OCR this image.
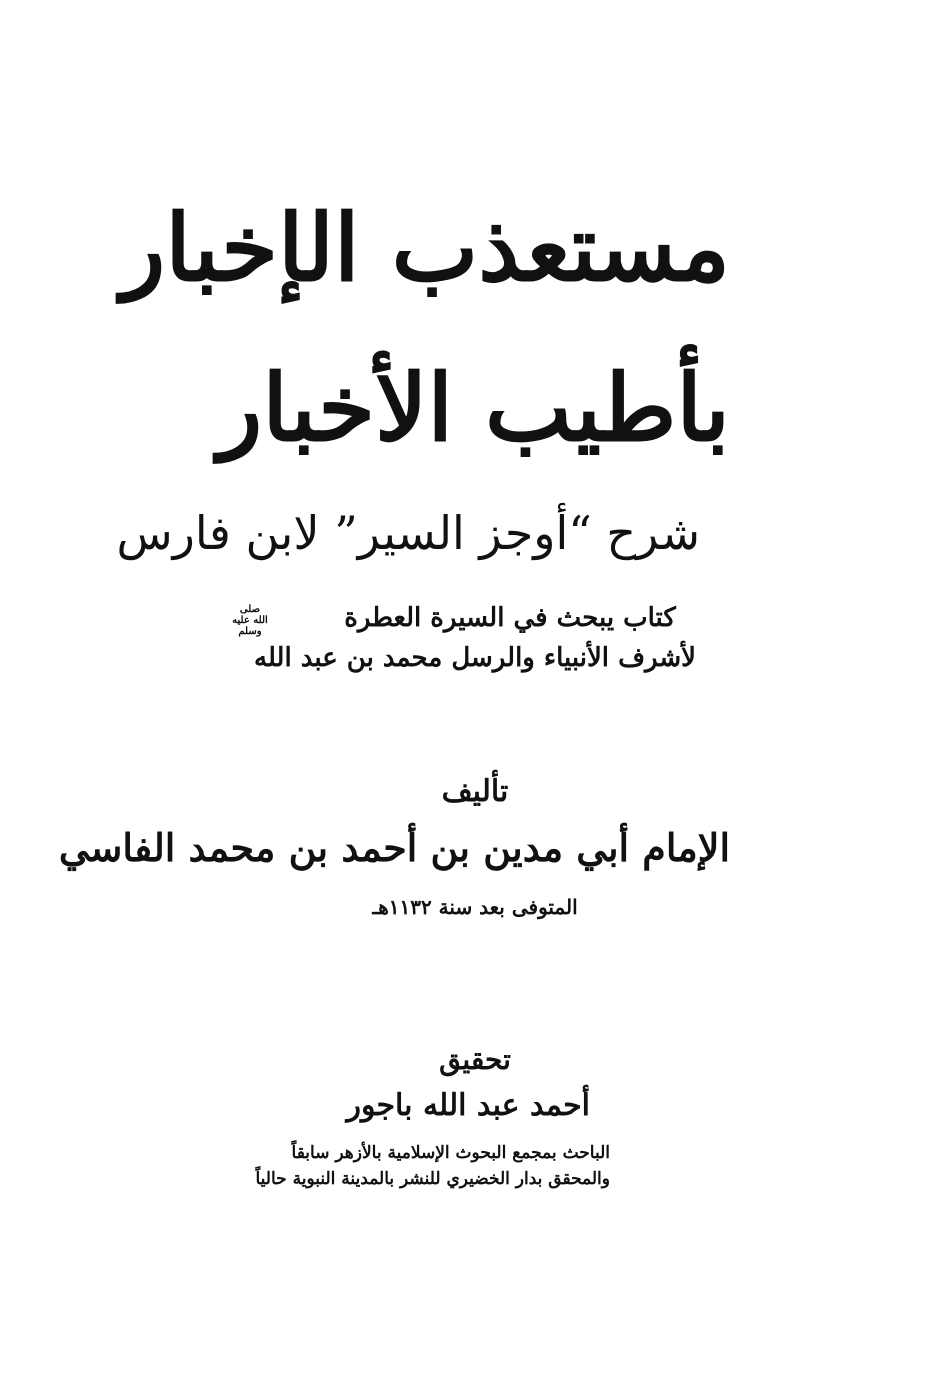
مستعذب الإخبار
بأطيب الأخبار
شرح “أوجز السير” لابن فارس
كتاب يبحث في السيرة العطرة
صلى الله عليه وسلم
لأشرف الأنبياء والرسل محمد بن عبد الله
تأليف
الإمام أبي مدين بن أحمد بن محمد الفاسي
المتوفى بعد سنة ١١٣٢هـ
تحقيق
أحمد عبد الله باجور
الباحث بمجمع البحوث الإسلامية بالأزهر سابقاً
والمحقق بدار الخضيري للنشر بالمدينة النبوية حالياً
